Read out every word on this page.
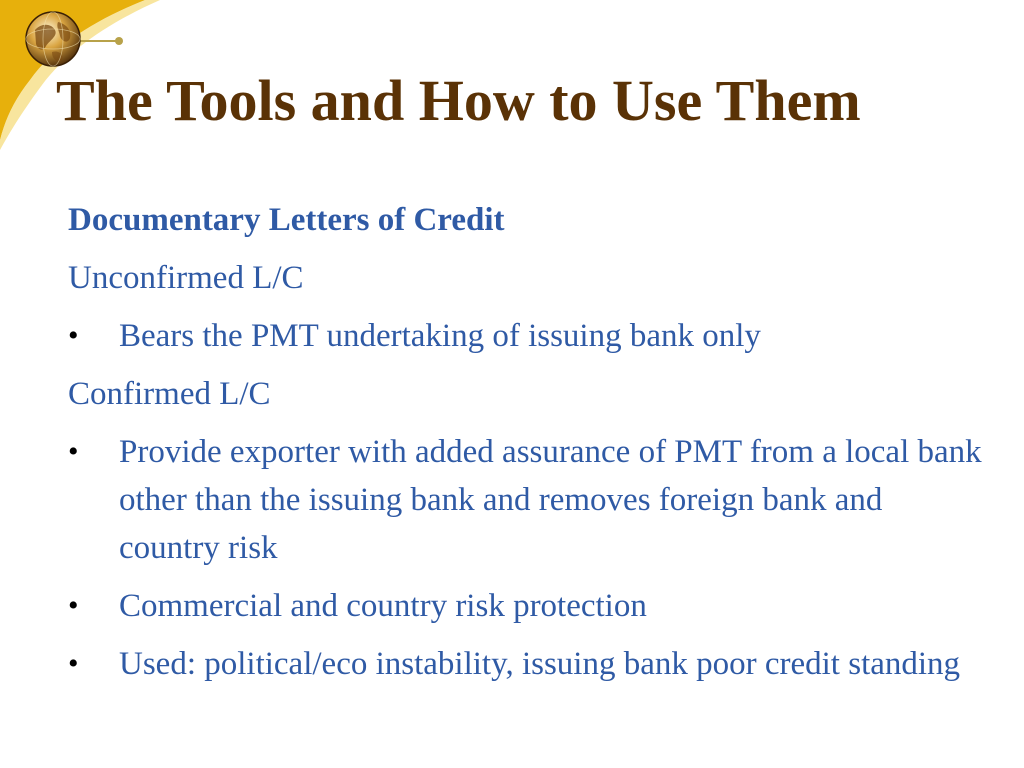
The Tools and How to Use Them
Documentary Letters of Credit
Unconfirmed L/C
• Bears the PMT undertaking of issuing bank only
Confirmed L/C
• Provide exporter with added assurance of PMT from a local bank other than the issuing bank and removes foreign bank and country risk
• Commercial and country risk protection
• Used: political/eco instability, issuing bank poor credit standing
